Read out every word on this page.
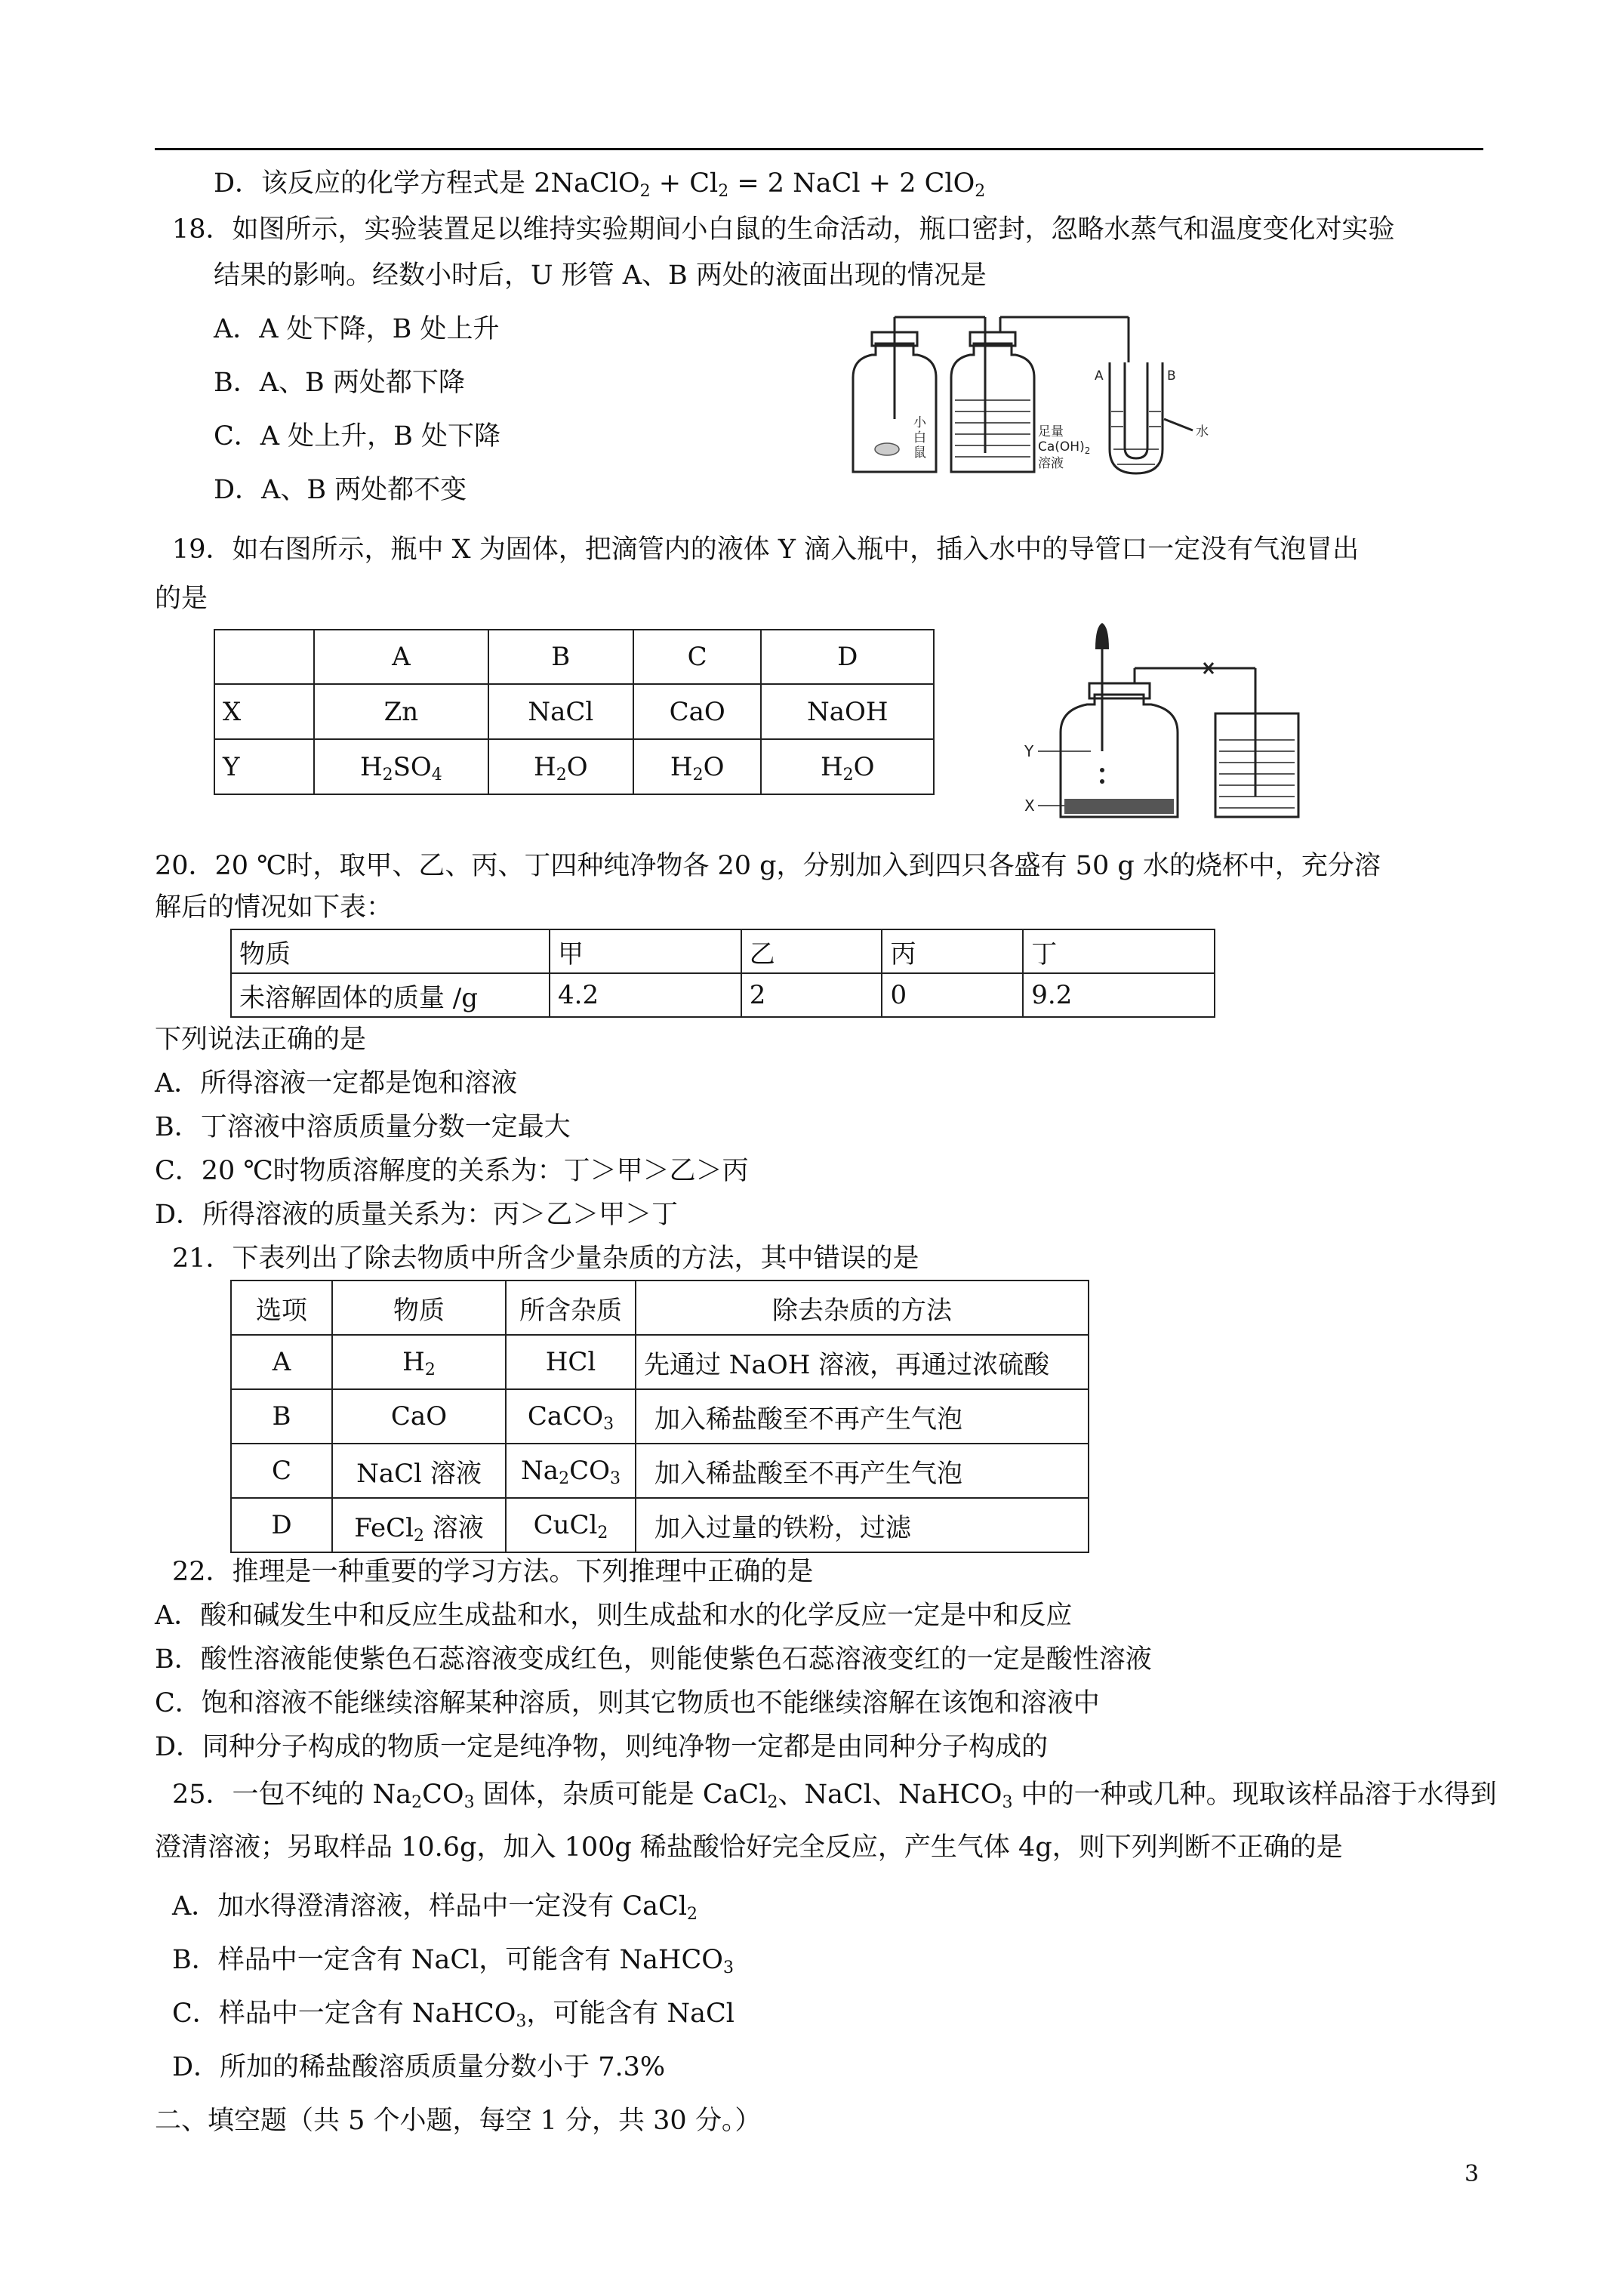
D．该反应的化学方程式是 2NaClO$_2$ + $Cl_2 = 2$ NaCl + 2 ClO$_2$
18．如图所示，实验装置足以维持实验期间小白鼠的生命活动，瓶口密封，忽略水蒸气和温度变化对实验
结果的影响。经数小时后，U 形管 A、B 两处的液面出现的情况是
A．A 处下降，B 处上升
B．A、B 两处都下降
C．A 处上升，B 处下降
D．A、B 两处都不变
小
白
鼠
足量
$Ca(OH)_2$
溶液
A	B
水
19．如右图所示，瓶中 X 为固体，把滴管内的液体 Y 滴入瓶中，插入水中的导管口一定没有气泡冒出
的是
	A	B	C	D
X	Zn	NaCl	CaO	NaOH
Y	$H_2SO_4$	$H_2O$	$H_2O$	$H_2O$
Y
X
20．20 ℃时，取甲、乙、丙、丁四种纯净物各 20 g，分别加入到四只各盛有 50 g 水的烧杯中，充分溶
解后的情况如下表：
物质	甲	乙	丙	丁
未溶解固体的质量 /g	4.2	2	0	9.2
下列说法正确的是
A．所得溶液一定都是饱和溶液
B．丁溶液中溶质质量分数一定最大
C．20 ℃时物质溶解度的关系为：丁＞甲＞乙＞丙
D．所得溶液的质量关系为：丙＞乙＞甲＞丁
21．下表列出了除去物质中所含少量杂质的方法，其中错误的是
选项	物质	所含杂质	除去杂质的方法
A	$H_2$	HCl	先通过 NaOH 溶液，再通过浓硫酸
B	CaO	CaCO$_3$	加入稀盐酸至不再产生气泡
C	NaCl 溶液	$Na_2CO_3$	加入稀盐酸至不再产生气泡
D	FeCl$_2$ 溶液	CuCl$_2$	加入过量的铁粉，过滤
22．推理是一种重要的学习方法。下列推理中正确的是
A．酸和碱发生中和反应生成盐和水，则生成盐和水的化学反应一定是中和反应
B．酸性溶液能使紫色石蕊溶液变成红色，则能使紫色石蕊溶液变红的一定是酸性溶液
C．饱和溶液不能继续溶解某种溶质，则其它物质也不能继续溶解在该饱和溶液中
D．同种分子构成的物质一定是纯净物，则纯净物一定都是由同种分子构成的
25．一包不纯的 $Na_2CO_3$ 固体，杂质可能是 CaCl$_2$、NaCl、NaHCO$_3$ 中的一种或几种。现取该样品溶于水得到
澄清溶液；另取样品 10.6g，加入 100g 稀盐酸恰好完全反应，产生气体 4g，则下列判断不正确的是
A．加水得澄清溶液，样品中一定没有 CaCl$_2$
B．样品中一定含有 NaCl，可能含有 NaHCO$_3$
C．样品中一定含有 NaHCO$_3$，可能含有 NaCl
D．所加的稀盐酸溶质质量分数小于 7.3%
二、填空题（共 5 个小题，每空 1 分，共 30 分。）
3
